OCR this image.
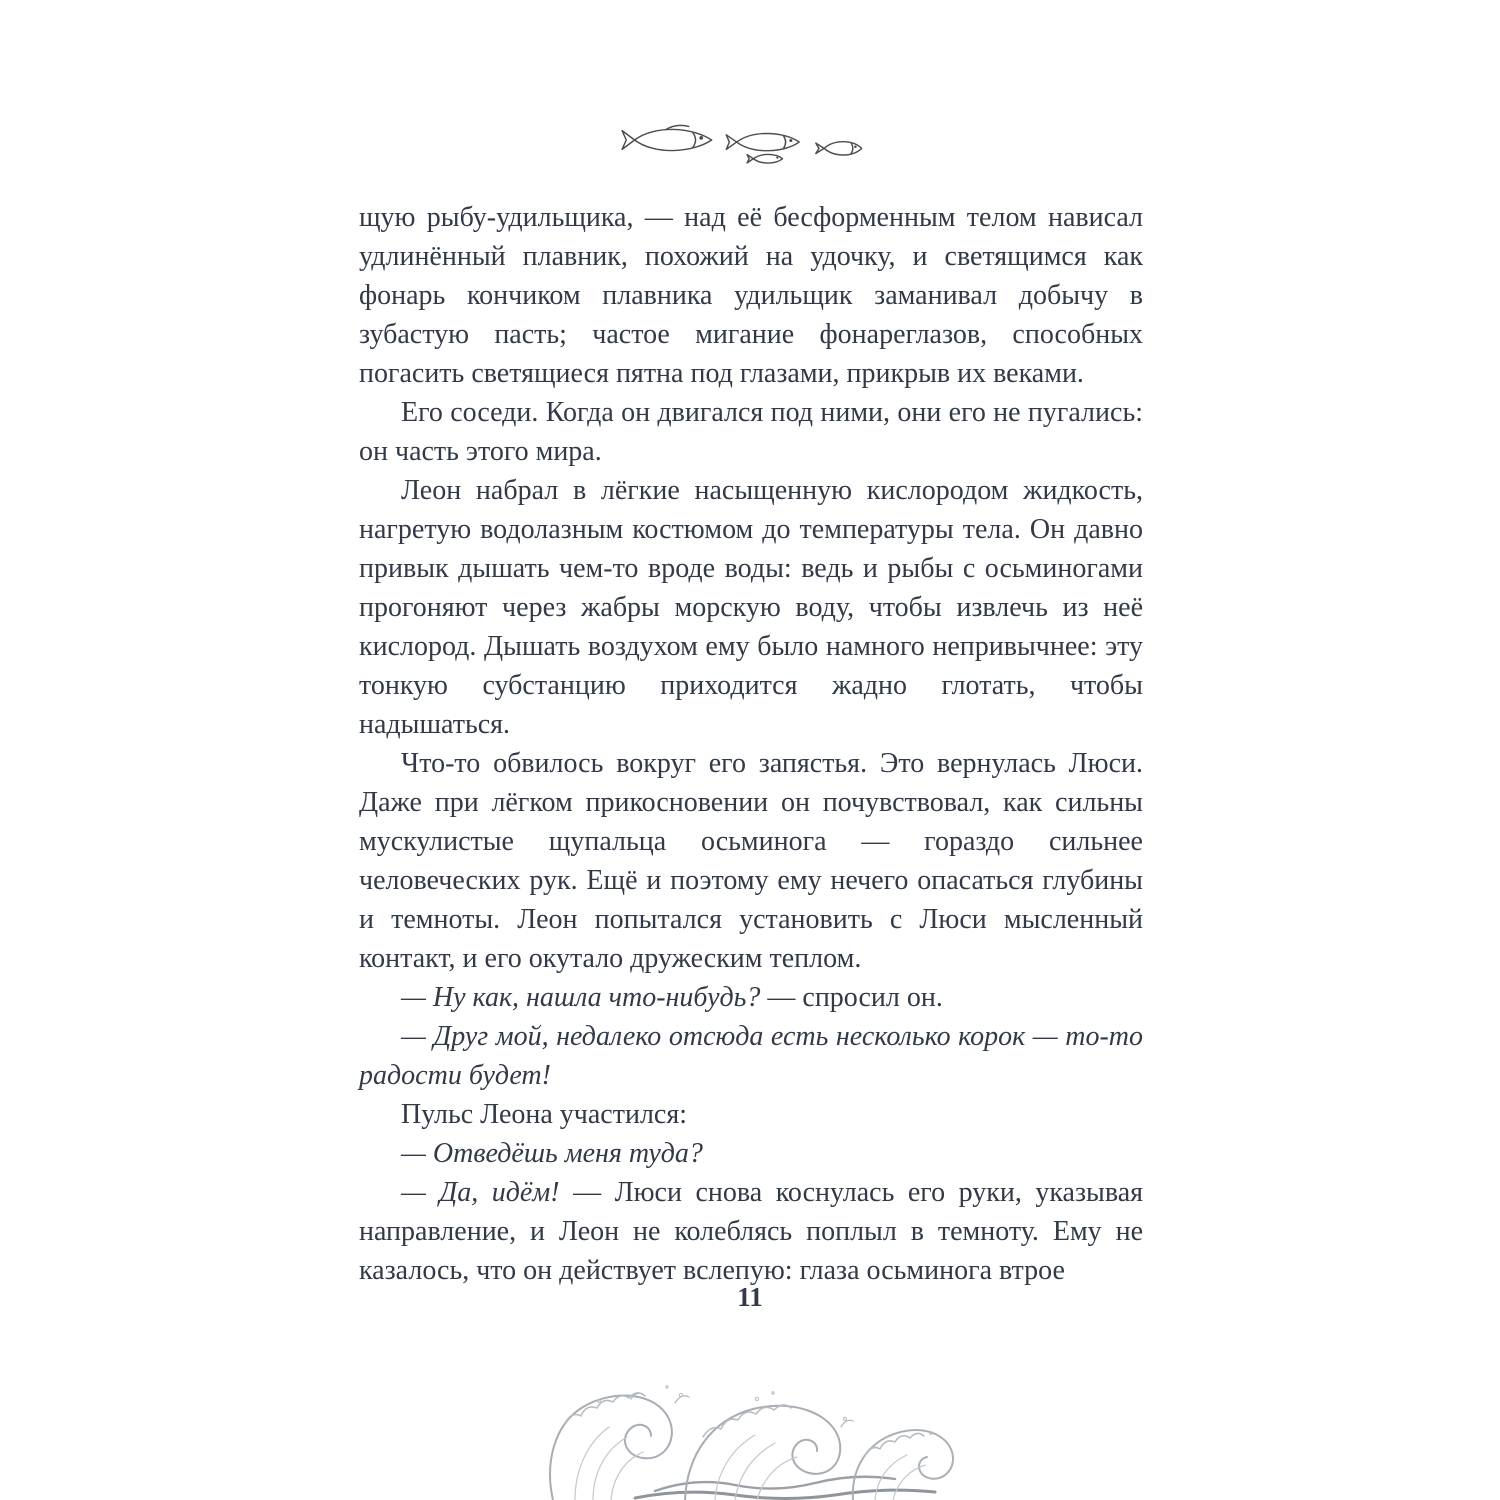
щую рыбу-удильщика, — над её бесформенным телом нависал удлинённый плавник, похожий на удочку, и светящимся как фонарь кончиком плавника удильщик заманивал добычу в зубастую пасть; частое мигание фонареглазов, способных погасить светящиеся пятна под глазами, прикрыв их веками.

Его соседи. Когда он двигался под ними, они его не пугались: он часть этого мира.

Леон набрал в лёгкие насыщенную кислородом жидкость, нагретую водолазным костюмом до температуры тела. Он давно привык дышать чем-то вроде воды: ведь и рыбы с осьминогами прогоняют через жабры морскую воду, чтобы извлечь из неё кислород. Дышать воздухом ему было намного непривычнее: эту тонкую субстанцию приходится жадно глотать, чтобы надышаться.

Что-то обвилось вокруг его запястья. Это вернулась Люси. Даже при лёгком прикосновении он почувствовал, как сильны мускулистые щупальца осьминога — гораздо сильнее человеческих рук. Ещё и поэтому ему нечего опасаться глубины и темноты. Леон попытался установить с Люси мысленный контакт, и его окутало дружеским теплом.

— Ну как, нашла что-нибудь? — спросил он.

— Друг мой, недалеко отсюда есть несколько корок — то-то радости будет!

Пульс Леона участился:

— Отведёшь меня туда?

— Да, идём! — Люси снова коснулась его руки, указывая направление, и Леон не колеблясь поплыл в темноту. Ему не казалось, что он действует вслепую: глаза осьминога втрое

11
